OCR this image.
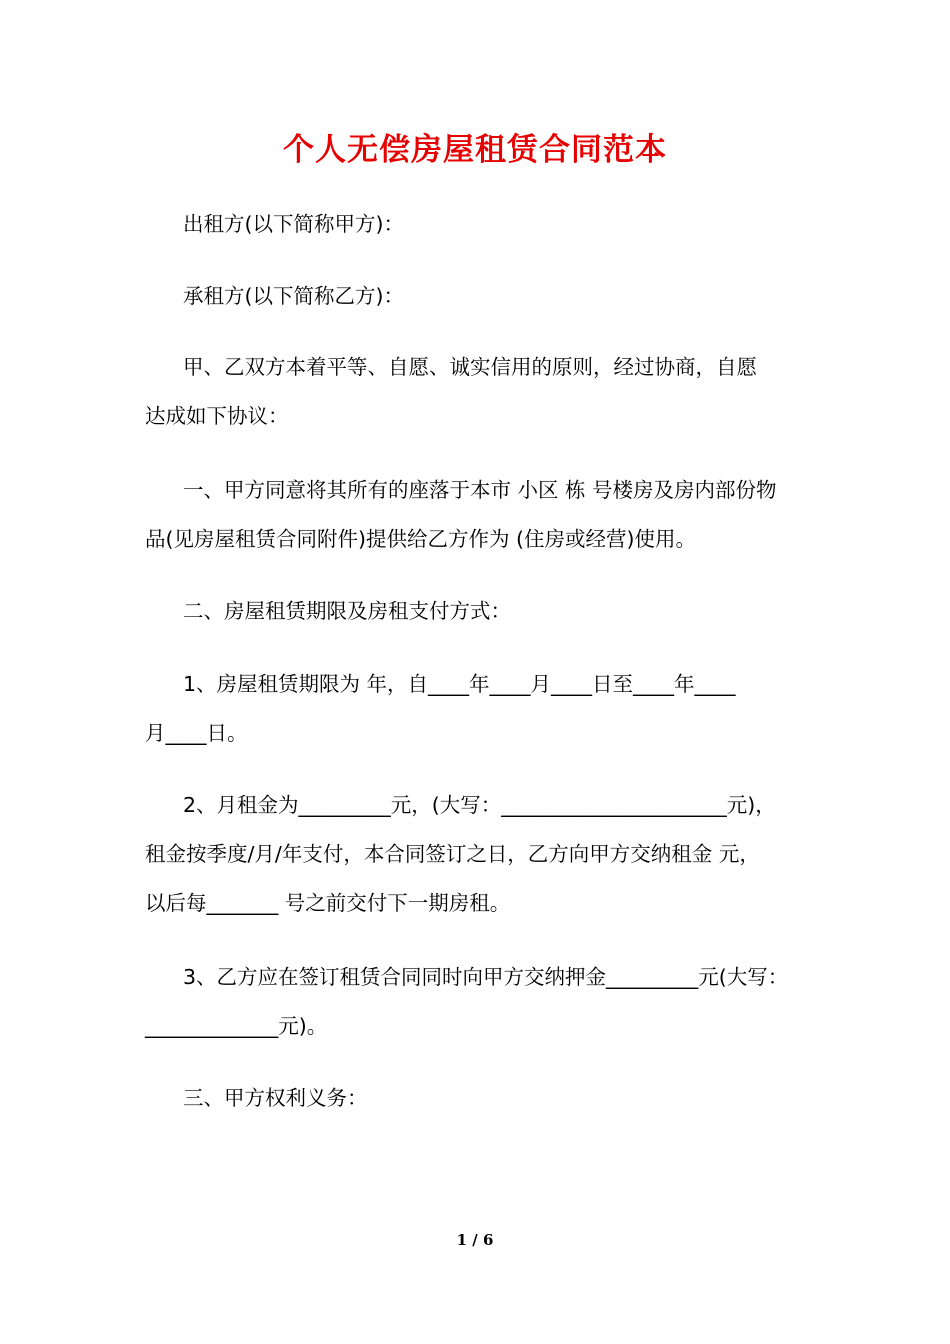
个人无偿房屋租赁合同范本
出租方(以下简称甲方)：
承租方(以下简称乙方)：
甲、乙双方本着平等、自愿、诚实信用的原则，经过协商，自愿
达成如下协议：
一、甲方同意将其所有的座落于本市 小区 栋 号楼房及房内部份物
品(见房屋租赁合同附件)提供给乙方作为 (住房或经营)使用。
二、房屋租赁期限及房租支付方式：
1、房屋租赁期限为 年，自____年____月____日至____年____
月____日。
2、月租金为_________元，(大写：______________________元)，
租金按季度/月/年支付，本合同签订之日，乙方向甲方交纳租金 元，
以后每_______ 号之前交付下一期房租。
3、乙方应在签订租赁合同同时向甲方交纳押金_________元(大写：
_____________元)。
三、甲方权利义务：
1 / 6
